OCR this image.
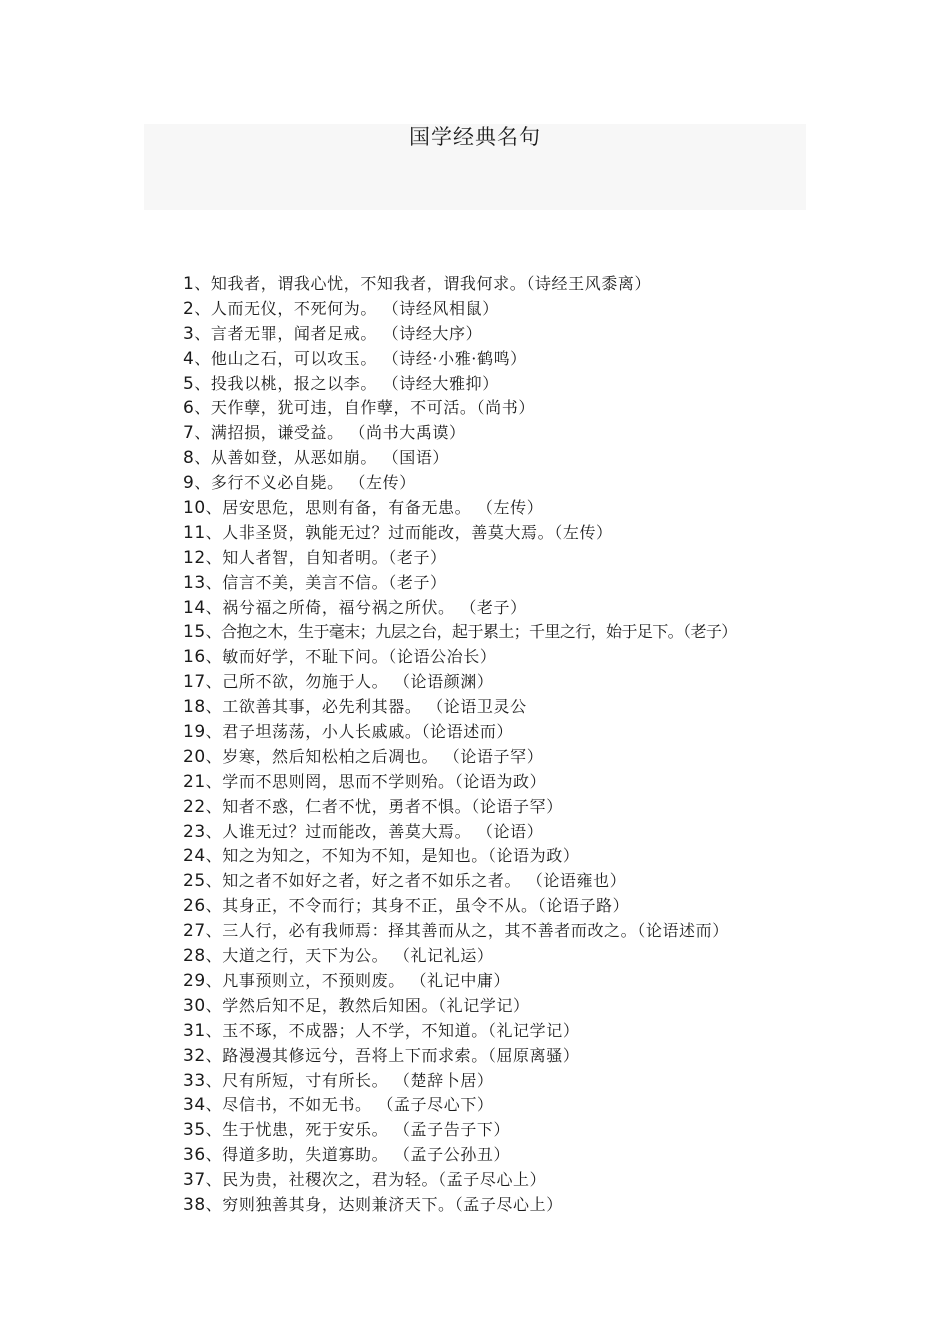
国学经典名句
1、知我者，谓我心忧，不知我者，谓我何求。（诗经王风黍离）
2、人而无仪，不死何为。 （诗经风相鼠）
3、言者无罪，闻者足戒。 （诗经大序）
4、他山之石，可以攻玉。 （诗经·小雅·鹤鸣）
5、投我以桃，报之以李。 （诗经大雅抑）
6、天作孽，犹可违，自作孽，不可活。（尚书）
7、满招损，谦受益。 （尚书大禹谟）
8、从善如登，从恶如崩。 （国语）
9、多行不义必自毙。 （左传）
10、居安思危，思则有备，有备无患。 （左传）
11、人非圣贤，孰能无过？过而能改，善莫大焉。（左传）
12、知人者智，自知者明。（老子）
13、信言不美，美言不信。（老子）
14、祸兮福之所倚，福兮祸之所伏。 （老子）
15、合抱之木，生于毫末；九层之台，起于累土；千里之行，始于足下。（老子）
16、敏而好学，不耻下问。（论语公冶长）
17、己所不欲，勿施于人。 （论语颜渊）
18、工欲善其事，必先利其器。 （论语卫灵公
19、君子坦荡荡，小人长戚戚。（论语述而）
20、岁寒，然后知松柏之后凋也。 （论语子罕）
21、学而不思则罔，思而不学则殆。（论语为政）
22、知者不惑，仁者不忧，勇者不惧。（论语子罕）
23、人谁无过？过而能改，善莫大焉。 （论语）
24、知之为知之，不知为不知，是知也。（论语为政）
25、知之者不如好之者，好之者不如乐之者。 （论语雍也）
26、其身正，不令而行；其身不正，虽令不从。（论语子路）
27、三人行，必有我师焉：择其善而从之，其不善者而改之。（论语述而）
28、大道之行，天下为公。 （礼记礼运）
29、凡事预则立，不预则废。 （礼记中庸）
30、学然后知不足，教然后知困。（礼记学记）
31、玉不琢，不成器；人不学，不知道。（礼记学记）
32、路漫漫其修远兮，吾将上下而求索。（屈原离骚）
33、尺有所短，寸有所长。 （楚辞卜居）
34、尽信书，不如无书。 （孟子尽心下）
35、生于忧患，死于安乐。 （孟子告子下）
36、得道多助，失道寡助。 （孟子公孙丑）
37、民为贵，社稷次之，君为轻。（孟子尽心上）
38、穷则独善其身，达则兼济天下。（孟子尽心上）
